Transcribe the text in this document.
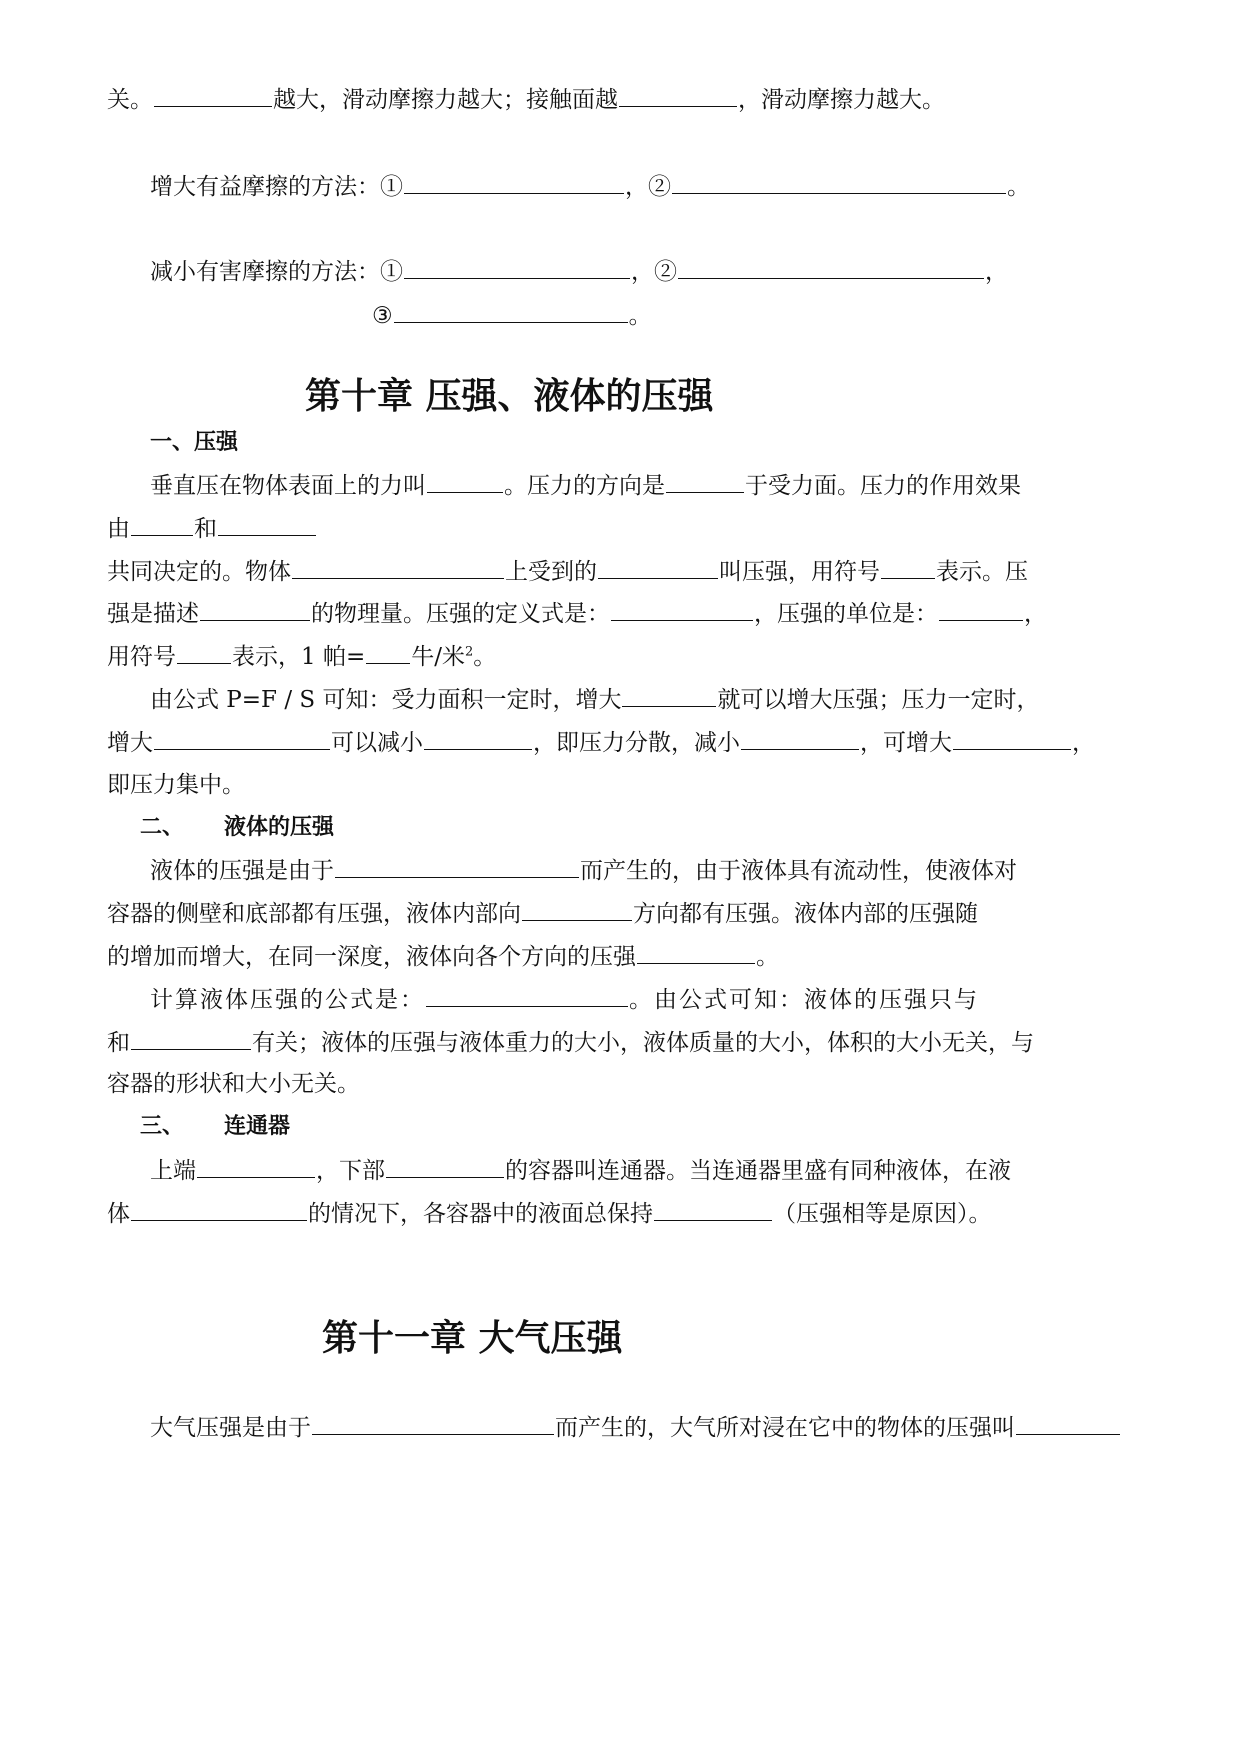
关。	越大，滑动摩擦力越大；接触面越	，滑动摩擦力越大。
增大有益摩擦的方法：①	，②	。
减小有害摩擦的方法：①	，②	，
③	。
第十章 压强、液体的压强
一、压强
垂直压在物体表面上的力叫	。压力的方向是	于受力面。压力的作用效果
由	和
共同决定的。物体	上受到的	叫压强，用符号 表示。压
强是描述	的物理量。压强的定义式是：	，压强的单位是：	，
用符号 表示，1 帕= 牛/米$^2$。
由公式 P=F / S 可知：受力面积一定时，增大	就可以增大压强；压力一定时，
增大	可以减小	，即压力分散，减小	，可增大	，
即压力集中。
二、 液体的压强
液体的压强是由于	而产生的，由于液体具有流动性，使液体对
容器的侧壁和底部都有压强，液体内部向	方向都有压强。液体内部的压强随
的增加而增大，在同一深度，液体向各个方向的压强	。
计算液体压强的公式是：	。由公式可知：液体的压强只与
和	有关；液体的压强与液体重力的大小，液体质量的大小，体积的大小无关，与
容器的形状和大小无关。
三、 连通器
上端	，下部	的容器叫连通器。当连通器里盛有同种液体，在液
体	的情况下，各容器中的液面总保持	（压强相等是原因）。
第十一章 大气压强
大气压强是由于	而产生的，大气所对浸在它中的物体的压强叫
